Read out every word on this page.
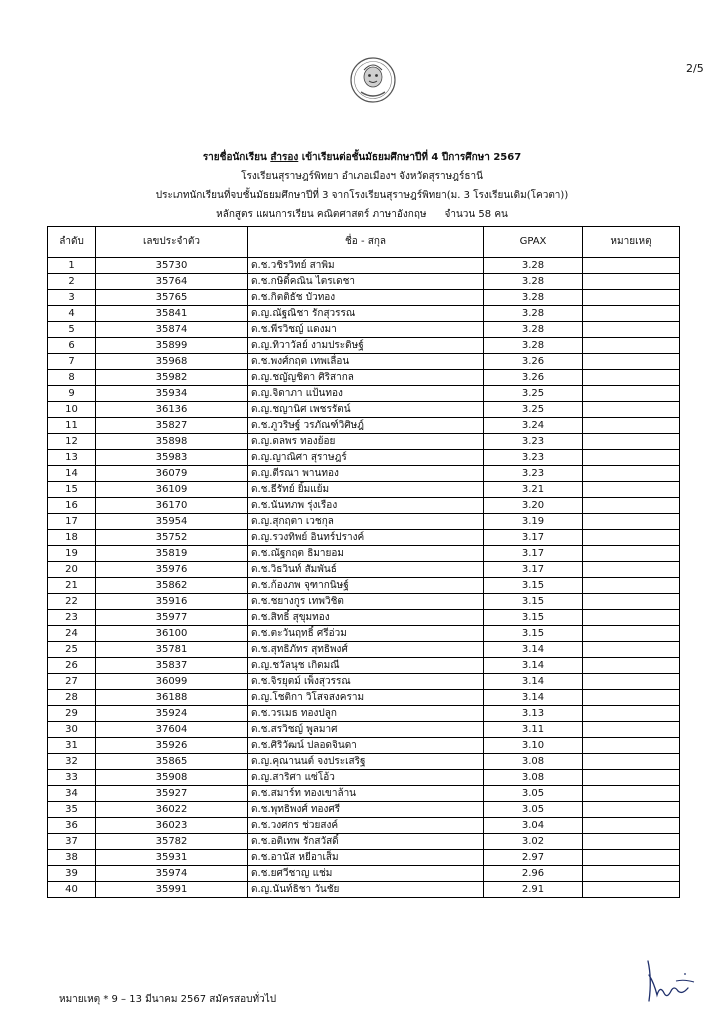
2/5
รายชื่อนักเรียน สำรอง เข้าเรียนต่อชั้นมัธยมศึกษาปีที่ 4 ปีการศึกษา 2567
โรงเรียนสุราษฎร์พิทยา อำเภอเมืองฯ จังหวัดสุราษฎร์ธานี
ประเภทนักเรียนที่จบชั้นมัธยมศึกษาปีที่ 3 จากโรงเรียนสุราษฎร์พิทยา(ม. 3 โรงเรียนเดิม(โควตา))
หลักสูตร แผนการเรียน คณิตศาสตร์ ภาษาอังกฤษ จำนวน 58 คน
ลำดับ	เลขประจำตัว	ชื่อ - สกุล	GPAX	หมายเหตุ
1	35730	ด.ช.วชิรวิทย์ สาพิม	3.28	
2	35764	ด.ช.กษิดิ์คณิน ไตรเดชา	3.28	
3	35765	ด.ช.กิตติธัช บัวทอง	3.28	
4	35841	ด.ญ.ณัฐณิชา รักสุวรรณ	3.28	
5	35874	ด.ช.พีรวิชญ์ แดงมา	3.28	
6	35899	ด.ญ.ทิวาวัลย์ งามประดิษฐ์	3.28	
7	35968	ด.ช.พงศ์กฤต เทพเลื่อน	3.26	
8	35982	ด.ญ.ชญัญชิตา ศิริสากล	3.26	
9	35934	ด.ญ.จิดาภา แป้นทอง	3.25	
10	36136	ด.ญ.ชญานิศ เพชรรัตน์	3.25	
11	35827	ด.ช.ภูวริษฐ์ วรภัณฑ์วิศิษฎ์	3.24	
12	35898	ด.ญ.ดลพร ทองย้อย	3.23	
13	35983	ด.ญ.ญาณิศา สุราษฎร์	3.23	
14	36079	ด.ญ.ตีรณา พานทอง	3.23	
15	36109	ด.ช.ธีรัทย์ ยิ้มแย้ม	3.21	
16	36170	ด.ช.นันทภพ รุ่งเรือง	3.20	
17	35954	ด.ญ.สุกฤตา เวชกุล	3.19	
18	35752	ด.ญ.รวงทิพย์ อินทร์ปรางค์	3.17	
19	35819	ด.ช.ณัฐกฤต ธิมายอม	3.17	
20	35976	ด.ช.วิธวินท์ สัมพันธ์	3.17	
21	35862	ด.ช.ก้องภพ จุฑากนิษฐ์	3.15	
22	35916	ด.ช.ชยางกูร เทพวิชิต	3.15	
23	35977	ด.ช.สิทธิ์ สุขุมทอง	3.15	
24	36100	ด.ช.ตะวันฤทธิ์ ศรีอ่วม	3.15	
25	35781	ด.ช.สุทธิภัทร สุทธิพงศ์	3.14	
26	35837	ด.ญ.ชวัลนุช เกิดมณี	3.14	
27	36099	ด.ช.จิรยุตม์ เพ็งสุวรรณ	3.14	
28	36188	ด.ญ.โชติกา วิโสจสงคราม	3.14	
29	35924	ด.ช.วรเมธ ทองปลูก	3.13	
30	37604	ด.ช.สรวิชญ์ พูลมาศ	3.11	
31	35926	ด.ช.ศิริวัฒน์ ปลอดจินดา	3.10	
32	35865	ด.ญ.คุณานนต์ จงประเสริฐ	3.08	
33	35908	ด.ญ.สาริศา แซ่โอ้ว	3.08	
34	35927	ด.ช.สมาร์ท ทองเขาล้าน	3.05	
35	36022	ด.ช.พุทธิพงศ์ ทองศรี	3.05	
36	36023	ด.ช.วงศกร ช่วยสงค์	3.04	
37	35782	ด.ช.อติเทพ รักสวัสดิ์	3.02	
38	35931	ด.ช.อานัส หยีอาเส็ม	2.97	
39	35974	ด.ช.ยศวีชาญ แช่ม	2.96	
40	35991	ด.ญ.นันท์ธิชา วันชัย	2.91	
หมายเหตุ * 9 – 13 มีนาคม 2567 สมัครสอบทั่วไป
